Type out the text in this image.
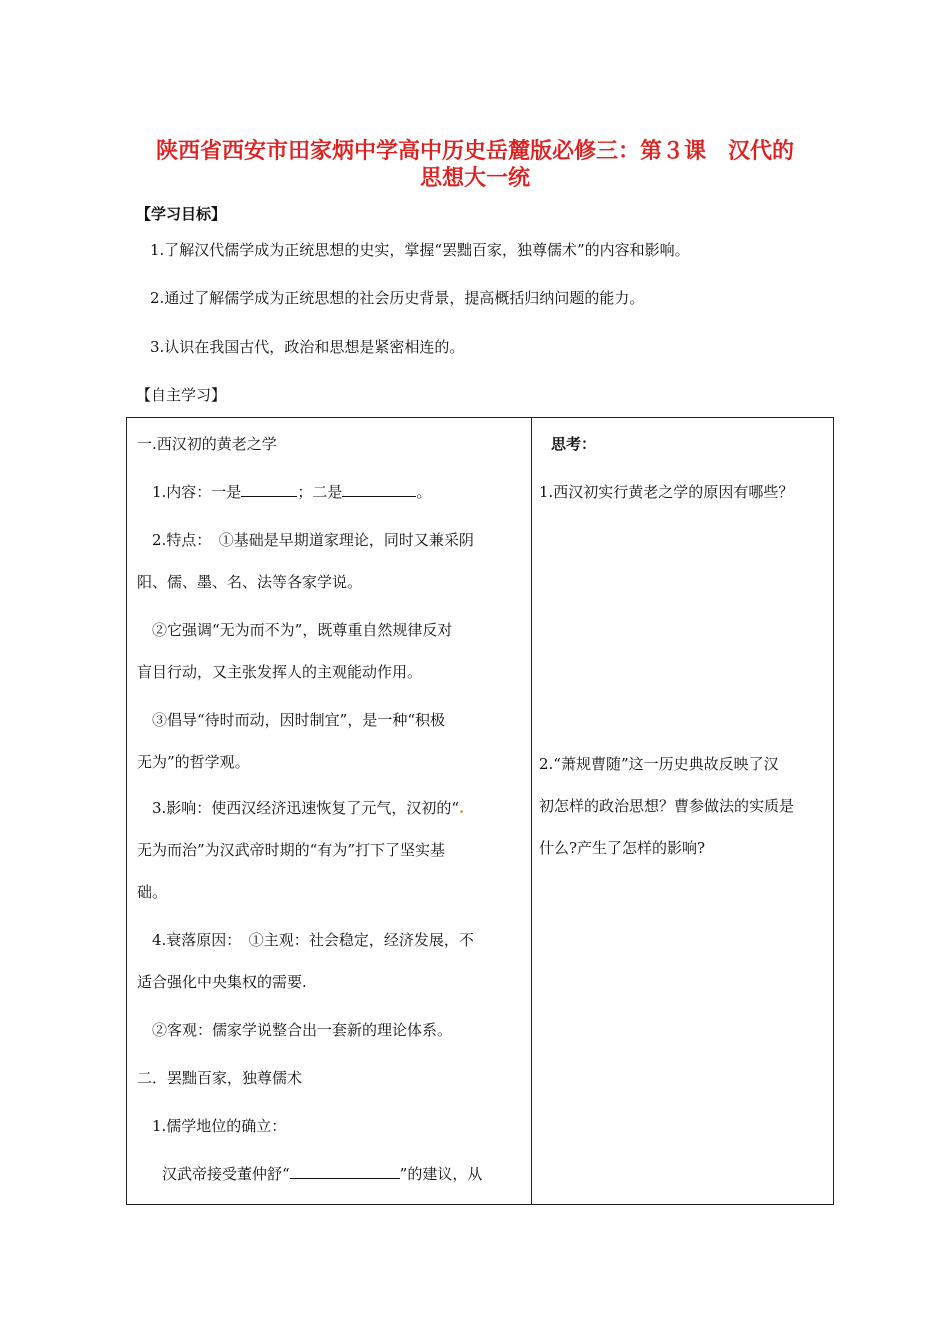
陕西省西安市田家炳中学高中历史岳麓版必修三：第３课　汉代的
思想大一统
【学习目标】
1.了解汉代儒学成为正统思想的史实，掌握“罢黜百家，独尊儒术”的内容和影响。
2.通过了解儒学成为正统思想的社会历史背景，提高概括归纳问题的能力。
3.认识在我国古代，政治和思想是紧密相连的。
【自主学习】
一.西汉初的黄老之学
1.内容：一是	；二是	。
2.特点：　①基础是早期道家理论，同时又兼采阴
阳、儒、墨、名、法等各家学说。
②它强调“无为而不为”，既尊重自然规律反对
盲目行动，又主张发挥人的主观能动作用。
③倡导“待时而动，因时制宜”，是一种“积极
无为”的哲学观。
3.影响：使西汉经济迅速恢复了元气，汉初的“.
无为而治”为汉武帝时期的“有为”打下了坚实基
础。
4.衰落原因：　①主观：社会稳定，经济发展，不
适合强化中央集权的需要.
②客观：儒家学说整合出一套新的理论体系。
二．罢黜百家，独尊儒术
1.儒学地位的确立：
汉武帝接受董仲舒“	”的建议，从
思考：
1.西汉初实行黄老之学的原因有哪些？
2.“萧规曹随”这一历史典故反映了汉
初怎样的政治思想？曹参做法的实质是
什么?产生了怎样的影响?
